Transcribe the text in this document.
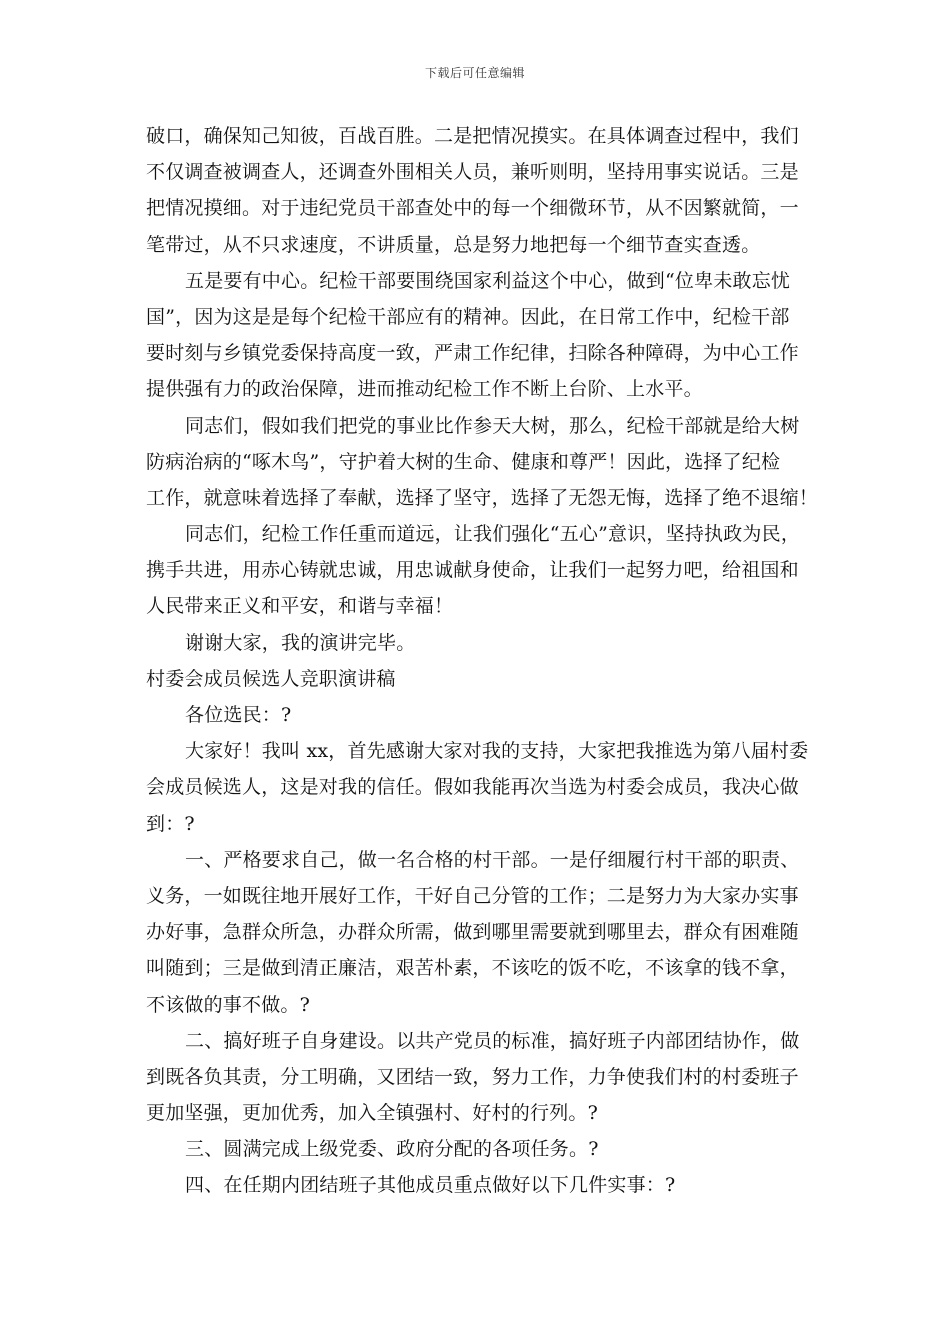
下载后可任意编辑
破口，确保知己知彼，百战百胜。二是把情况摸实。在具体调查过程中，我们
不仅调查被调查人，还调查外围相关人员，兼听则明，坚持用事实说话。三是
把情况摸细。对于违纪党员干部查处中的每一个细微环节，从不因繁就简，一
笔带过，从不只求速度，不讲质量，总是努力地把每一个细节查实查透。
五是要有中心。纪检干部要围绕国家利益这个中心，做到“位卑未敢忘忧
国”，因为这是是每个纪检干部应有的精神。因此，在日常工作中，纪检干部
要时刻与乡镇党委保持高度一致，严肃工作纪律，扫除各种障碍，为中心工作
提供强有力的政治保障，进而推动纪检工作不断上台阶、上水平。
同志们，假如我们把党的事业比作参天大树，那么，纪检干部就是给大树
防病治病的“啄木鸟”，守护着大树的生命、健康和尊严！因此，选择了纪检
工作，就意味着选择了奉献，选择了坚守，选择了无怨无悔，选择了绝不退缩！
同志们，纪检工作任重而道远，让我们强化“五心”意识，坚持执政为民，
携手共进，用赤心铸就忠诚，用忠诚献身使命，让我们一起努力吧，给祖国和
人民带来正义和平安，和谐与幸福！
谢谢大家，我的演讲完毕。
村委会成员候选人竞职演讲稿
各位选民：?
大家好！我叫 xx，首先感谢大家对我的支持，大家把我推选为第八届村委
会成员候选人，这是对我的信任。假如我能再次当选为村委会成员，我决心做
到：?
一、严格要求自己，做一名合格的村干部。一是仔细履行村干部的职责、
义务，一如既往地开展好工作，干好自己分管的工作；二是努力为大家办实事
办好事，急群众所急，办群众所需，做到哪里需要就到哪里去，群众有困难随
叫随到；三是做到清正廉洁，艰苦朴素，不该吃的饭不吃，不该拿的钱不拿，
不该做的事不做。?
二、搞好班子自身建设。以共产党员的标准，搞好班子内部团结协作，做
到既各负其责，分工明确，又团结一致，努力工作，力争使我们村的村委班子
更加坚强，更加优秀，加入全镇强村、好村的行列。?
三、圆满完成上级党委、政府分配的各项任务。?
四、在任期内团结班子其他成员重点做好以下几件实事：?
